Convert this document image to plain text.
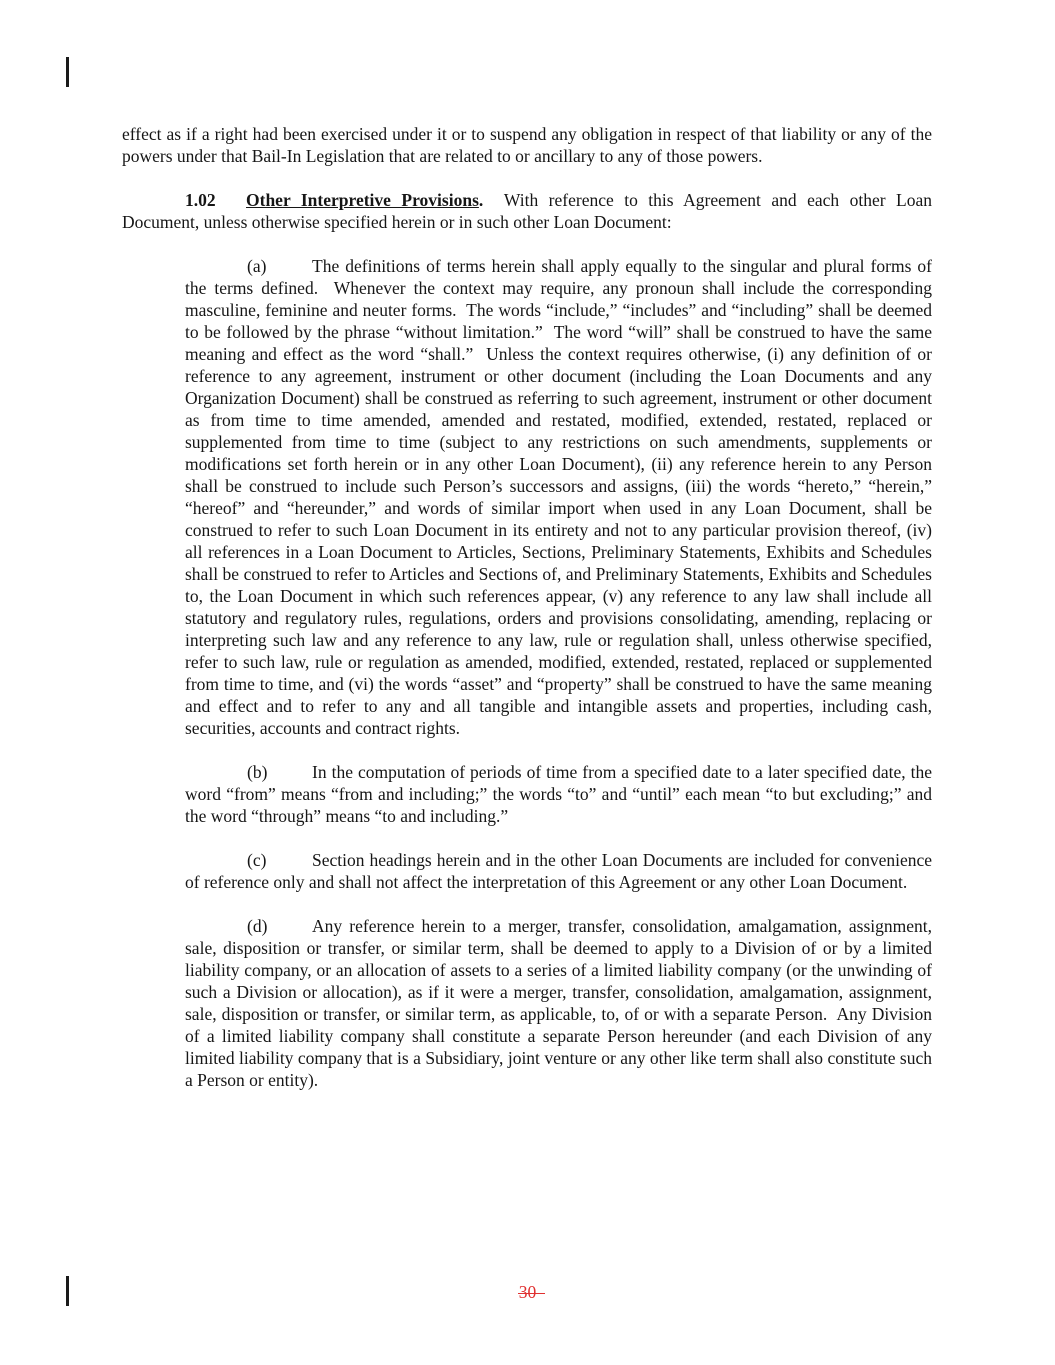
effect as if a right had been exercised under it or to suspend any obligation in respect of that liability or any of the powers under that Bail-In Legislation that are related to or ancillary to any of those powers.

1.02 Other Interpretive Provisions.  With reference to this Agreement and each other Loan Document, unless otherwise specified herein or in such other Loan Document:

(a)	The definitions of terms herein shall apply equally to the singular and plural forms of the terms defined.  Whenever the context may require, any pronoun shall include the corresponding masculine, feminine and neuter forms.  The words “include,” “includes” and “including” shall be deemed to be followed by the phrase “without limitation.”  The word “will” shall be construed to have the same meaning and effect as the word “shall.”  Unless the context requires otherwise, (i) any definition of or reference to any agreement, instrument or other document (including the Loan Documents and any Organization Document) shall be construed as referring to such agreement, instrument or other document as from time to time amended, amended and restated, modified, extended, restated, replaced or supplemented from time to time (subject to any restrictions on such amendments, supplements or modifications set forth herein or in any other Loan Document), (ii) any reference herein to any Person shall be construed to include such Person’s successors and assigns, (iii) the words “hereto,” “herein,” “hereof” and “hereunder,” and words of similar import when used in any Loan Document, shall be construed to refer to such Loan Document in its entirety and not to any particular provision thereof, (iv) all references in a Loan Document to Articles, Sections, Preliminary Statements, Exhibits and Schedules shall be construed to refer to Articles and Sections of, and Preliminary Statements, Exhibits and Schedules to, the Loan Document in which such references appear, (v) any reference to any law shall include all statutory and regulatory rules, regulations, orders and provisions consolidating, amending, replacing or interpreting such law and any reference to any law, rule or regulation shall, unless otherwise specified, refer to such law, rule or regulation as amended, modified, extended, restated, replaced or supplemented from time to time, and (vi) the words “asset” and “property” shall be construed to have the same meaning and effect and to refer to any and all tangible and intangible assets and properties, including cash, securities, accounts and contract rights.

(b)	In the computation of periods of time from a specified date to a later specified date, the word “from” means “from and including;” the words “to” and “until” each mean “to but excluding;” and the word “through” means “to and including.”

(c)	Section headings herein and in the other Loan Documents are included for convenience of reference only and shall not affect the interpretation of this Agreement or any other Loan Document.

(d)	Any reference herein to a merger, transfer, consolidation, amalgamation, assignment, sale, disposition or transfer, or similar term, shall be deemed to apply to a Division of or by a limited liability company, or an allocation of assets to a series of a limited liability company (or the unwinding of such a Division or allocation), as if it were a merger, transfer, consolidation, amalgamation, assignment, sale, disposition or transfer, or similar term, as applicable, to, of or with a separate Person.  Any Division of a limited liability company shall constitute a separate Person hereunder (and each Division of any limited liability company that is a Subsidiary, joint venture or any other like term shall also constitute such a Person or entity).

30
